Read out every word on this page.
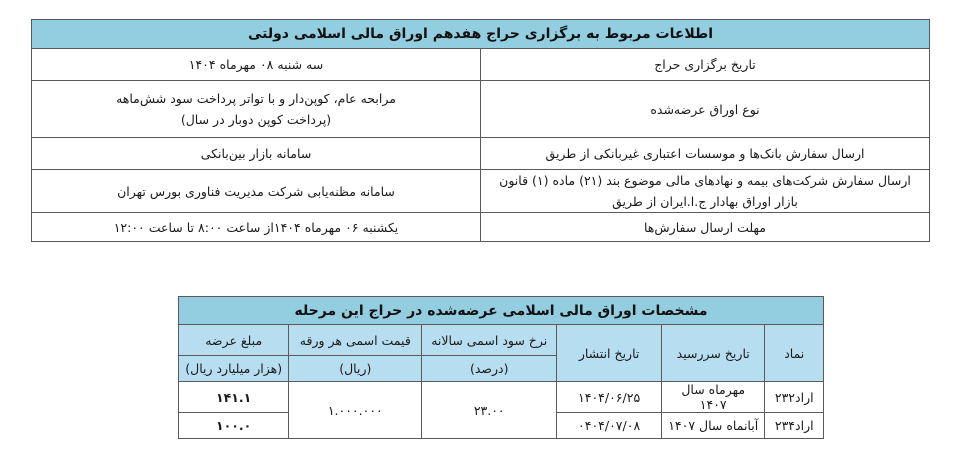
اطلاعات مربوط به برگزاری حراج هفدهم اوراق مالی اسلامی دولتی	
تاریخ برگزاری حراج	سه شنبه ۰۸ مهرماه ۱۴۰۴
نوع اوراق عرضه‌شده	مرابحه عام، کوپن‌دار و با تواتر پرداخت سود شش‌ماهه
(پرداخت کوپن دوبار در سال)

ارسال سفارش بانک‌ها و موسسات اعتباری غیربانکی از طریق	سامانه بازار بین‌بانکی
ارسال سفارش شرکت‌های بیمه و نهادهای مالی موضوع بند (۲۱) ماده (۱) قانون بازار اوراق بهادار ج.ا.ایران از طریق	سامانه مظنه‌یابی شرکت مدیریت فناوری بورس تهران
مهلت ارسال سفارش‌ها	یکشنبه ۰۶ مهرماه ۱۴۰۴از ساعت ۸:۰۰ تا ساعت ۱۲:۰۰
مشخصات اوراق مالی اسلامی عرضه‌شده در حراج این مرحله					
نماد	تاریخ سررسید	تاریخ انتشار	نرخ سود اسمی سالانه	قیمت اسمی هر ورقه	مبلغ عرضه
			(درصد)	(ریال)	(هزار میلیارد ریال)
اراد۲۳۲	مهرماه سال ۱۴۰۷	۱۴۰۴/۰۶/۲۵	۲۳.۰۰	۱.۰۰۰.۰۰۰	۱۴۱.۱
اراد۲۳۴	آبانماه سال ۱۴۰۷	۰۴۰۴/۰۷/۰۸			۱۰۰.۰
